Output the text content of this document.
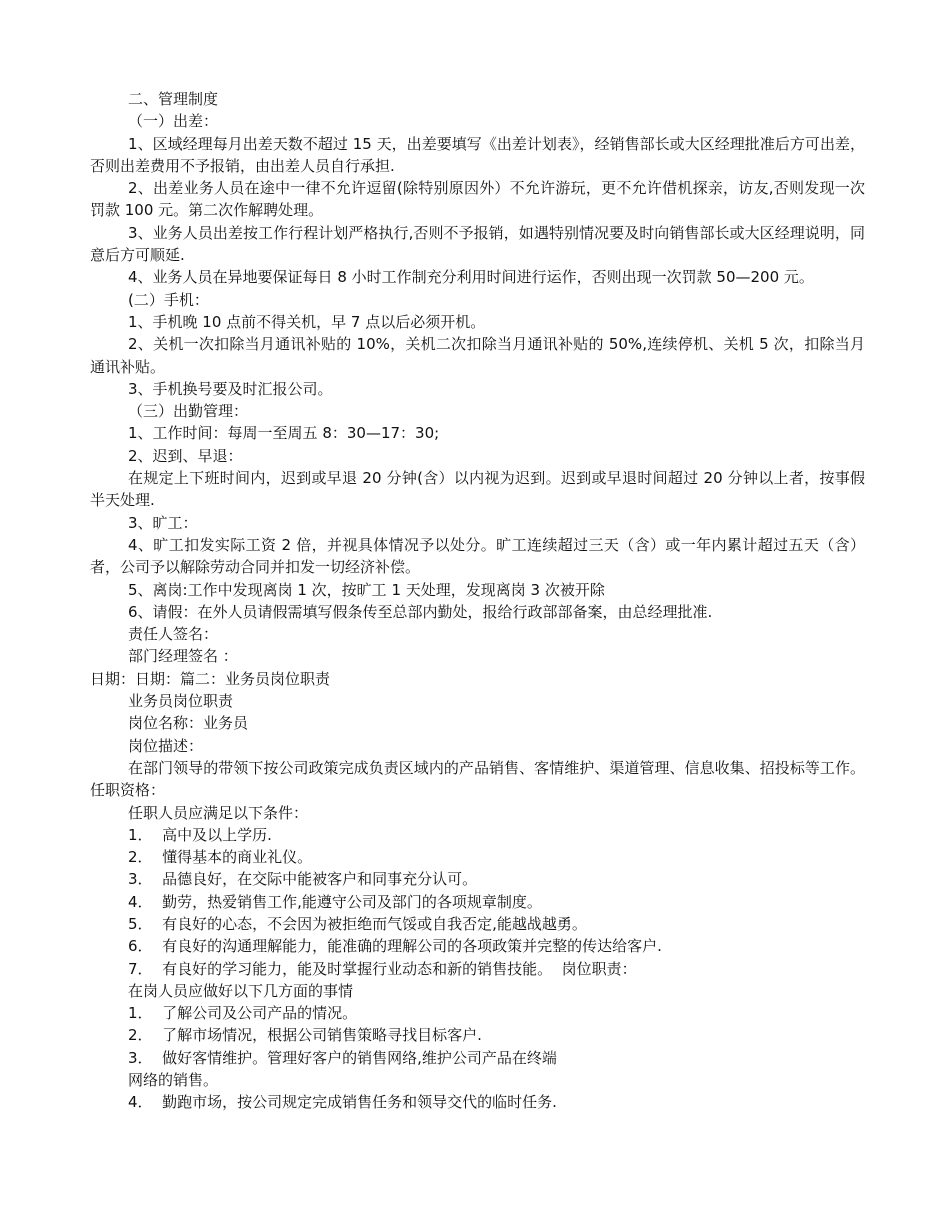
二、管理制度
（一）出差：
1、区域经理每月出差天数不超过 15 天，出差要填写《出差计划表》，经销售部长或大区经理批准后方可出差，否则出差费用不予报销，由出差人员自行承担.
2、出差业务人员在途中一律不允许逗留(除特别原因外）不允许游玩，更不允许借机探亲，访友,否则发现一次罚款 100 元。第二次作解聘处理。
3、业务人员出差按工作行程计划严格执行,否则不予报销，如遇特别情况要及时向销售部长或大区经理说明，同意后方可顺延.
4、业务人员在异地要保证每日 8 小时工作制充分利用时间进行运作，否则出现一次罚款 50—200 元。
(二）手机：
1、手机晚 10 点前不得关机，早 7 点以后必须开机。
2、关机一次扣除当月通讯补贴的 10%，关机二次扣除当月通讯补贴的 50%,连续停机、关机 5 次，扣除当月通讯补贴。
3、手机换号要及时汇报公司。
（三）出勤管理：
1、工作时间：每周一至周五 8：30—17：30;
2、迟到、早退：
在规定上下班时间内，迟到或早退 20 分钟(含）以内视为迟到。迟到或早退时间超过 20 分钟以上者，按事假半天处理.
3、旷工：
4、旷工扣发实际工资 2 倍，并视具体情况予以处分。旷工连续超过三天（含）或一年内累计超过五天（含）者，公司予以解除劳动合同并扣发一切经济补偿。
5、离岗:工作中发现离岗 1 次，按旷工 1 天处理，发现离岗 3 次被开除
6、请假：在外人员请假需填写假条传至总部内勤处，报给行政部部备案，由总经理批准.
责任人签名：
部门经理签名 ：
日期：日期：篇二：业务员岗位职责
业务员岗位职责
岗位名称：业务员
岗位描述：
在部门领导的带领下按公司政策完成负责区域内的产品销售、客情维护、渠道管理、信息收集、招投标等工作。 任职资格：
任职人员应满足以下条件：
1．  高中及以上学历.
2．  懂得基本的商业礼仪。
3．  品德良好，在交际中能被客户和同事充分认可。
4．  勤劳，热爱销售工作,能遵守公司及部门的各项规章制度。
5．  有良好的心态，不会因为被拒绝而气馁或自我否定,能越战越勇。
6．  有良好的沟通理解能力，能准确的理解公司的各项政策并完整的传达给客户.
7．  有良好的学习能力，能及时掌握行业动态和新的销售技能。  岗位职责：
在岗人员应做好以下几方面的事情
1．  了解公司及公司产品的情况。
2．  了解市场情况，根据公司销售策略寻找目标客户.
3．  做好客情维护。管理好客户的销售网络,维护公司产品在终端
网络的销售。
4．  勤跑市场，按公司规定完成销售任务和领导交代的临时任务.
